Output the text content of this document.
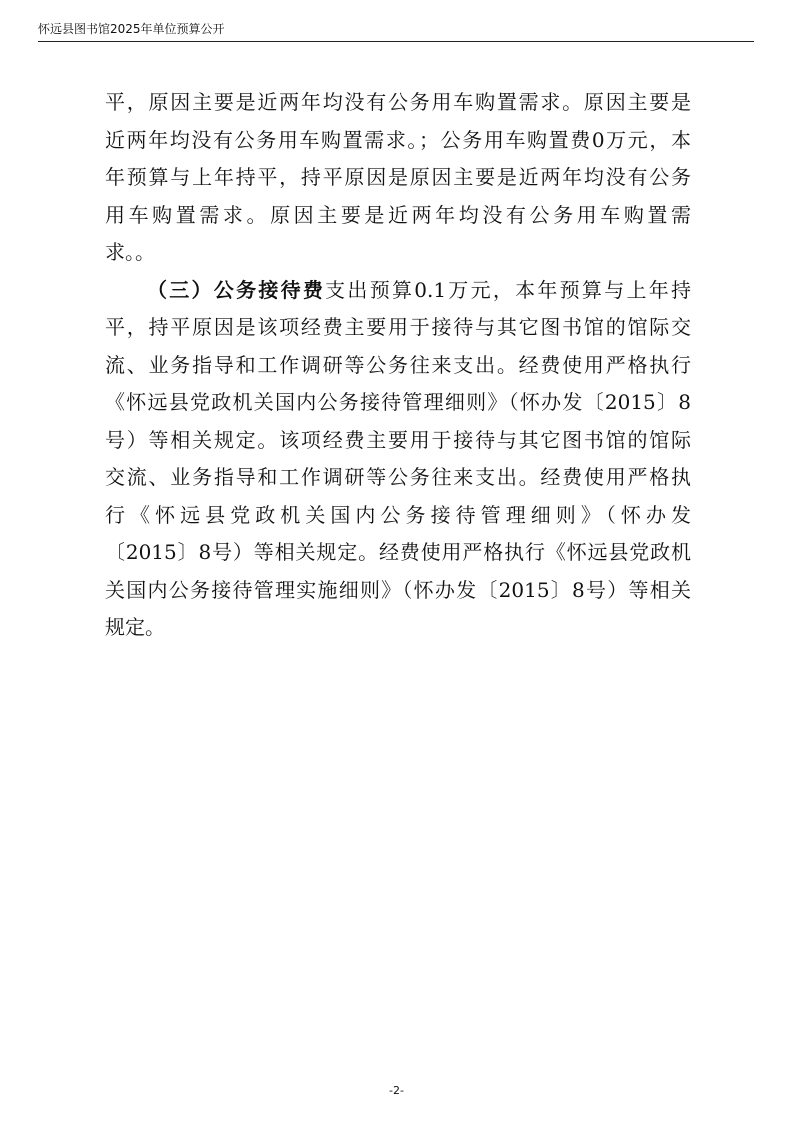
怀远县图书馆2025年单位预算公开
平，原因主要是近两年均没有公务用车购置需求。原因主要是
近两年均没有公务用车购置需求。；公务用车购置费0万元，本
年预算与上年持平，持平原因是原因主要是近两年均没有公务
用车购置需求。原因主要是近两年均没有公务用车购置需
求。。
（三）公务接待费支出预算0.1万元，本年预算与上年持
平，持平原因是该项经费主要用于接待与其它图书馆的馆际交
流、业务指导和工作调研等公务往来支出。经费使用严格执行
《怀远县党政机关国内公务接待管理细则》（怀办发〔2015〕8
号）等相关规定。该项经费主要用于接待与其它图书馆的馆际
交流、业务指导和工作调研等公务往来支出。经费使用严格执
行《怀远县党政机关国内公务接待管理细则》（怀办发
〔2015〕8号）等相关规定。经费使用严格执行《怀远县党政机
关国内公务接待管理实施细则》（怀办发〔2015〕8号）等相关
规定。
-2-
